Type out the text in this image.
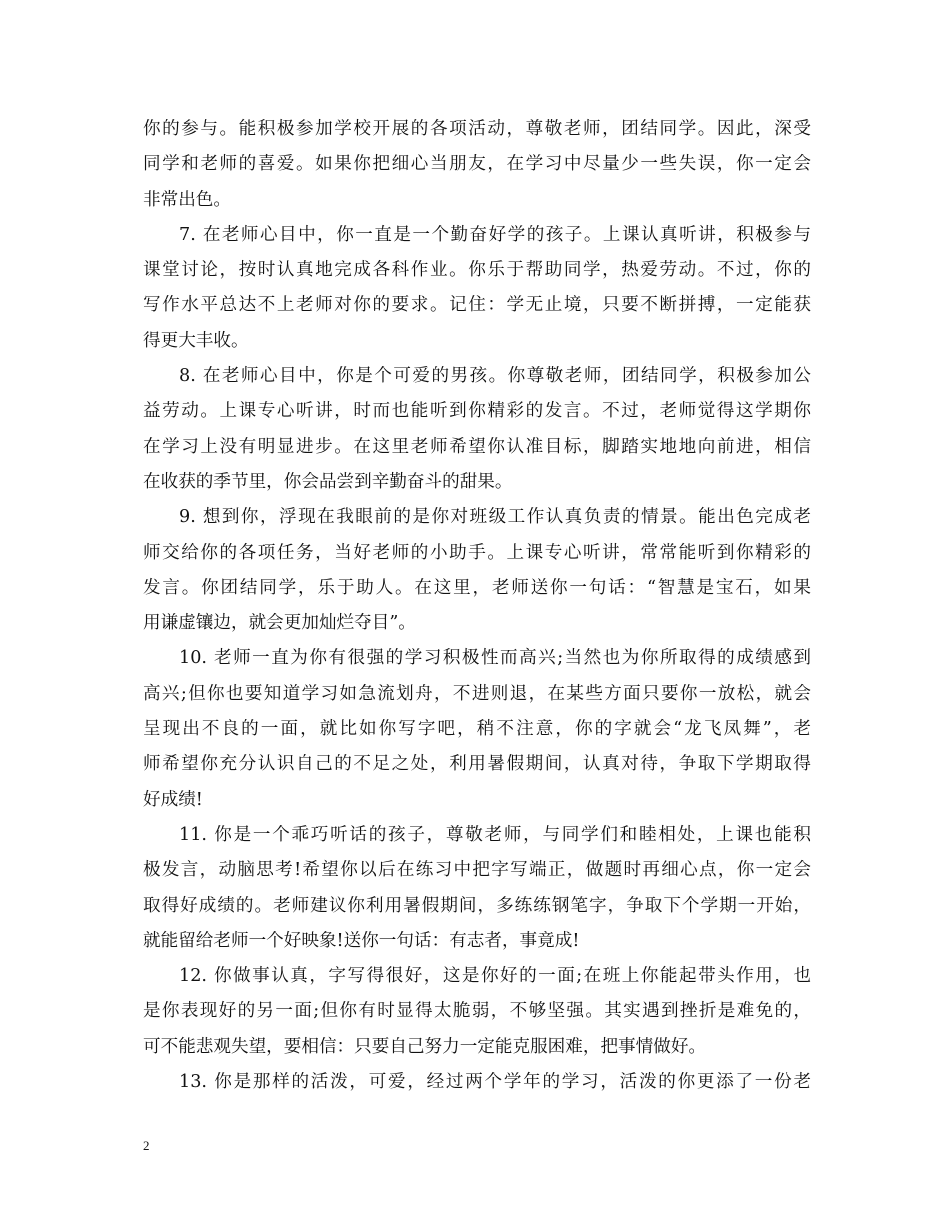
你的参与。能积极参加学校开展的各项活动，尊敬老师，团结同学。因此，深受
同学和老师的喜爱。如果你把细心当朋友，在学习中尽量少一些失误，你一定会
非常出色。
7. 在老师心目中，你一直是一个勤奋好学的孩子。上课认真听讲，积极参与
课堂讨论，按时认真地完成各科作业。你乐于帮助同学，热爱劳动。不过，你的
写作水平总达不上老师对你的要求。记住：学无止境，只要不断拼搏，一定能获
得更大丰收。
8. 在老师心目中，你是个可爱的男孩。你尊敬老师，团结同学，积极参加公
益劳动。上课专心听讲，时而也能听到你精彩的发言。不过，老师觉得这学期你
在学习上没有明显进步。在这里老师希望你认准目标，脚踏实地地向前进，相信
在收获的季节里，你会品尝到辛勤奋斗的甜果。
9. 想到你，浮现在我眼前的是你对班级工作认真负责的情景。能出色完成老
师交给你的各项任务，当好老师的小助手。上课专心听讲，常常能听到你精彩的
发言。你团结同学，乐于助人。在这里，老师送你一句话：“智慧是宝石，如果
用谦虚镶边，就会更加灿烂夺目”。
10. 老师一直为你有很强的学习积极性而高兴;当然也为你所取得的成绩感到
高兴;但你也要知道学习如急流划舟，不进则退，在某些方面只要你一放松，就会
呈现出不良的一面，就比如你写字吧，稍不注意，你的字就会“龙飞凤舞”，老
师希望你充分认识自己的不足之处，利用暑假期间，认真对待，争取下学期取得
好成绩!
11. 你是一个乖巧听话的孩子，尊敬老师，与同学们和睦相处，上课也能积
极发言，动脑思考!希望你以后在练习中把字写端正，做题时再细心点，你一定会
取得好成绩的。老师建议你利用暑假期间，多练练钢笔字，争取下个学期一开始，
就能留给老师一个好映象!送你一句话：有志者，事竟成!
12. 你做事认真，字写得很好，这是你好的一面;在班上你能起带头作用，也
是你表现好的另一面;但你有时显得太脆弱，不够坚强。其实遇到挫折是难免的，
可不能悲观失望，要相信：只要自己努力一定能克服困难，把事情做好。
13. 你是那样的活泼，可爱，经过两个学年的学习，活泼的你更添了一份老
2
